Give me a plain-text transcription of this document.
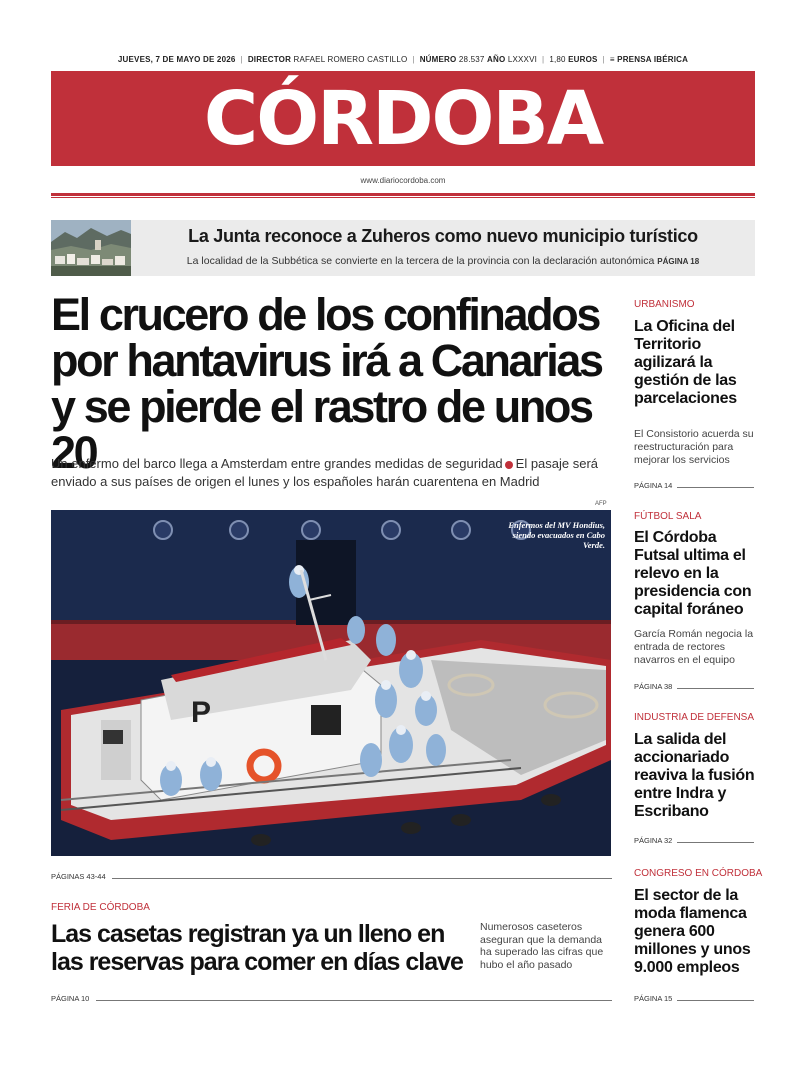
JUEVES, 7 DE MAYO DE 2026 | DIRECTOR RAFAEL ROMERO CASTILLO | NÚMERO 28.537 AÑO LXXXVI | 1,80 EUROS | ≡ PRENSA IBÉRICA
CÓRDOBA
www.diariocordoba.com
La Junta reconoce a Zuheros como nuevo municipio turístico
La localidad de la Subbética se convierte en la tercera de la provincia con la declaración autonómica PÁGINA 18
El crucero de los confinados por hantavirus irá a Canarias y se pierde el rastro de unos 20
Un enfermo del barco llega a Amsterdam entre grandes medidas de seguridad El pasaje será enviado a sus países de origen el lunes y los españoles harán cuarentena en Madrid
AFP
P
Enfermos del MV Hondius, siendo evacuados en Cabo Verde.
PÁGINAS 43-44
FERIA DE CÓRDOBA
Las casetas registran ya un lleno en las reservas para comer en días clave
Numerosos caseteros aseguran que la demanda ha superado las cifras que hubo el año pasado
PÁGINA 10
URBANISMO
La Oficina del Territorio agilizará la gestión de las parcelaciones
El Consistorio acuerda su reestructuración para mejorar los servicios
PÁGINA 14
FÚTBOL SALA
El Córdoba Futsal ultima el relevo en la presidencia con capital foráneo
García Román negocia la entrada de rectores navarros en el equipo
PÁGINA 38
INDUSTRIA DE DEFENSA
La salida del accionariado reaviva la fusión entre Indra y Escribano
PÁGINA 32
CONGRESO EN CÓRDOBA
El sector de la moda flamenca genera 600 millones y unos 9.000 empleos
PÁGINA 15
